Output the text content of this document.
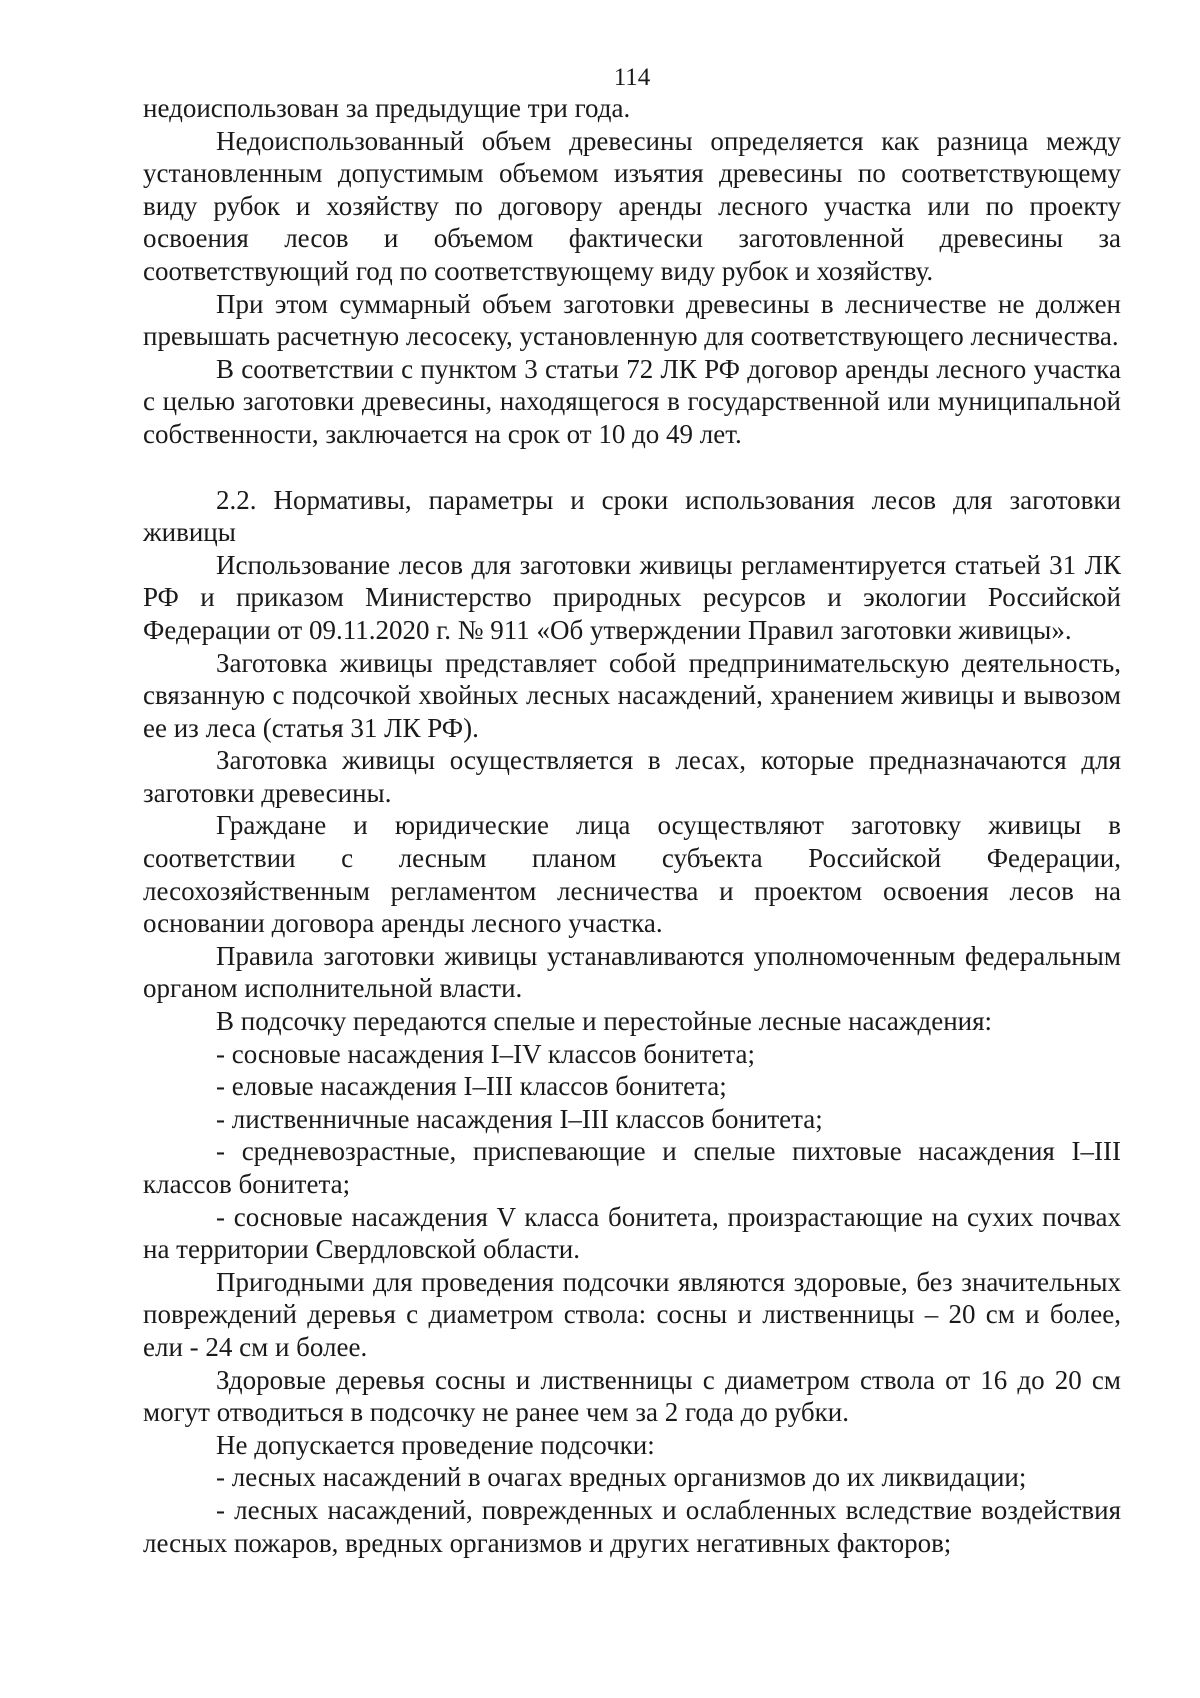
114

недоиспользован за предыдущие три года.

Недоиспользованный объем древесины определяется как разница между установленным допустимым объемом изъятия древесины по соответствующему виду рубок и хозяйству по договору аренды лесного участка или по проекту освоения лесов и объемом фактически заготовленной древесины за соответствующий год по соответствующему виду рубок и хозяйству.

При этом суммарный объем заготовки древесины в лесничестве не должен превышать расчетную лесосеку, установленную для соответствующего лесничества.

В соответствии с пунктом 3 статьи 72 ЛК РФ договор аренды лесного участка с целью заготовки древесины, находящегося в государственной или муниципальной собственности, заключается на срок от 10 до 49 лет.

2.2. Нормативы, параметры и сроки использования лесов для заготовки живицы

Использование лесов для заготовки живицы регламентируется статьей 31 ЛК РФ и приказом Министерство природных ресурсов и экологии Российской Федерации от 09.11.2020 г. № 911 «Об утверждении Правил заготовки живицы».

Заготовка живицы представляет собой предпринимательскую деятельность, связанную с подсочкой хвойных лесных насаждений, хранением живицы и вывозом ее из леса (статья 31 ЛК РФ).

Заготовка живицы осуществляется в лесах, которые предназначаются для заготовки древесины.

Граждане и юридические лица осуществляют заготовку живицы в соответствии с лесным планом субъекта Российской Федерации, лесохозяйственным регламентом лесничества и проектом освоения лесов на основании договора аренды лесного участка.

Правила заготовки живицы устанавливаются уполномоченным федеральным органом исполнительной власти.

В подсочку передаются спелые и перестойные лесные насаждения:

- сосновые насаждения I–IV классов бонитета;

- еловые насаждения I–III классов бонитета;

- лиственничные насаждения I–III классов бонитета;

- средневозрастные, приспевающие и спелые пихтовые насаждения I–III классов бонитета;

- сосновые насаждения V класса бонитета, произрастающие на сухих почвах на территории Свердловской области.

Пригодными для проведения подсочки являются здоровые, без значительных повреждений деревья с диаметром ствола: сосны и лиственницы – 20 см и более, ели - 24 см и более.

Здоровые деревья сосны и лиственницы с диаметром ствола от 16 до 20 см могут отводиться в подсочку не ранее чем за 2 года до рубки.

Не допускается проведение подсочки:

- лесных насаждений в очагах вредных организмов до их ликвидации;

- лесных насаждений, поврежденных и ослабленных вследствие воздействия лесных пожаров, вредных организмов и других негативных факторов;
